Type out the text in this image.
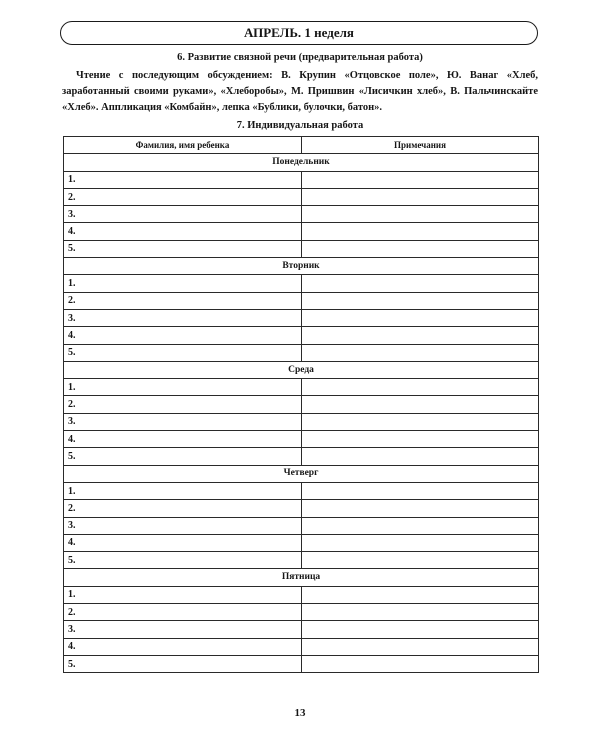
АПРЕЛЬ. 1 неделя
6. Развитие связной речи (предварительная работа)
Чтение с последующим обсуждением: В. Крупин «Отцовское поле», Ю. Ванаг «Хлеб, заработанный своими руками», «Хлеборобы», М. Пришвин «Лисичкин хлеб», В. Пальчинскайте «Хлеб». Аппликация «Комбайн», лепка «Бублики, булочки, батон».
7. Индивидуальная работа
Фамилия, имя ребенка	Примечания
Понедельник	
1.	
2.	
3.	
4.	
5.	
Вторник	
1.	
2.	
3.	
4.	
5.	
Среда	
1.	
2.	
3.	
4.	
5.	
Четверг	
1.	
2.	
3.	
4.	
5.	
Пятница	
1.	
2.	
3.	
4.	
5.	
13
